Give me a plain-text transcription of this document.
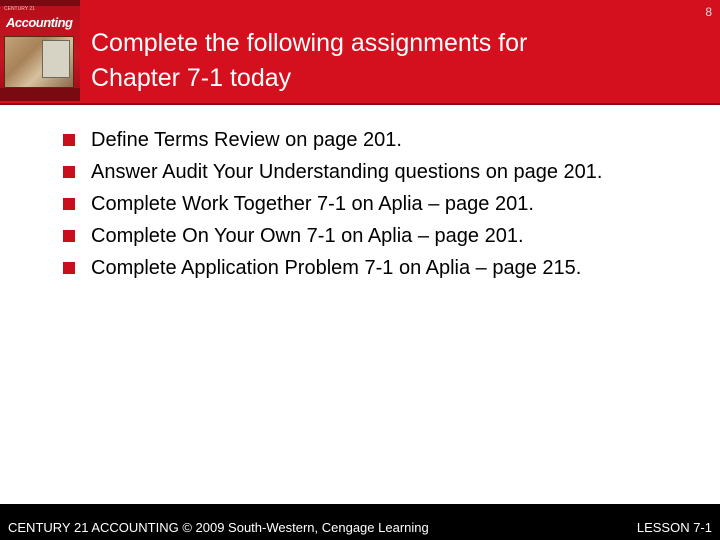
CENTURY 21
Accounting
Complete the following assignments for
Chapter 7-1 today
8
Define Terms Review on page 201.
Answer Audit Your Understanding questions on page 201.
Complete Work Together 7-1 on Aplia – page 201.
Complete On Your Own 7-1 on Aplia – page 201.
Complete Application Problem 7-1 on Aplia – page 215.
CENTURY 21 ACCOUNTING © 2009 South-Western, Cengage Learning	LESSON 7-1
